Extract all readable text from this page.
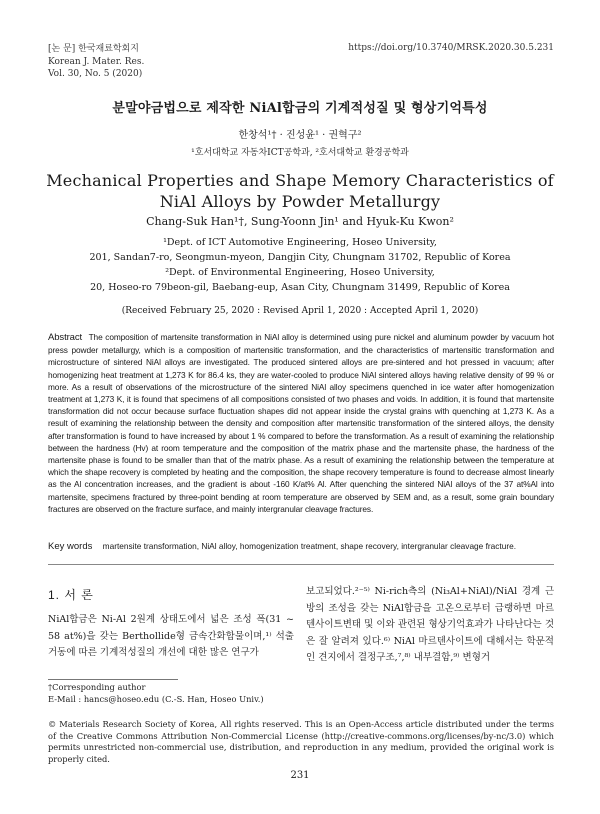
[논 문] 한국재료학회지
Korean J. Mater. Res.
Vol. 30, No. 5 (2020)
https://doi.org/10.3740/MRSK.2020.30.5.231
분말야금법으로 제작한 NiAl합금의 기계적성질 및 형상기억특성
한창석¹† · 진성윤¹ · 권혁구²
¹호서대학교 자동차ICT공학과, ²호서대학교 환경공학과
Mechanical Properties and Shape Memory Characteristics of
NiAl Alloys by Powder Metallurgy
Chang-Suk Han¹†, Sung-Yoonn Jin¹ and Hyuk-Ku Kwon²
¹Dept. of ICT Automotive Engineering, Hoseo University,
201, Sandan7-ro, Seongmun-myeon, Dangjin City, Chungnam 31702, Republic of Korea
²Dept. of Environmental Engineering, Hoseo University,
20, Hoseo-ro 79beon-gil, Baebang-eup, Asan City, Chungnam 31499, Republic of Korea
(Received February 25, 2020 : Revised April 1, 2020 : Accepted April 1, 2020)
Abstract The composition of martensite transformation in NiAl alloy is determined using pure nickel and aluminum powder by vacuum hot press powder metallurgy, which is a composition of martensitic transformation, and the characteristics of martensitic transformation and microstructure of sintered NiAl alloys are investigated. The produced sintered alloys are pre-sintered and hot pressed in vacuum; after homogenizing heat treatment at 1,273 K for 86.4 ks, they are water-cooled to produce NiAl sintered alloys having relative density of 99 % or more. As a result of observations of the microstructure of the sintered NiAl alloy specimens quenched in ice water after homogenization treatment at 1,273 K, it is found that specimens of all compositions consisted of two phases and voids. In addition, it is found that martensite transformation did not occur because surface fluctuation shapes did not appear inside the crystal grains with quenching at 1,273 K. As a result of examining the relationship between the density and composition after martensitic transformation of the sintered alloys, the density after transformation is found to have increased by about 1 % compared to before the transformation. As a result of examining the relationship between the hardness (Hv) at room temperature and the composition of the matrix phase and the martensite phase, the hardness of the martensite phase is found to be smaller than that of the matrix phase. As a result of examining the relationship between the temperature at which the shape recovery is completed by heating and the composition, the shape recovery temperature is found to decrease almost linearly as the Al concentration increases, and the gradient is about -160 K/at% Al. After quenching the sintered NiAl alloys of the 37 at%Al into martensite, specimens fractured by three-point bending at room temperature are observed by SEM and, as a result, some grain boundary fractures are observed on the fracture surface, and mainly intergranular cleavage fractures.
Key words martensite transformation, NiAl alloy, homogenization treatment, shape recovery, intergranular cleavage fracture.
1. 서 론
NiAl합금은 Ni-Al 2원계 상태도에서 넓은 조성 폭(31 ~ 58 at%)을 갖는 Berthollide형 금속간화합물이며,¹⁾ 석출거동에 따른 기계적성질의 개선에 대한 많은 연구가
보고되었다.²⁻⁵⁾ Ni-rich측의 (Ni₃Al+NiAl)/NiAl 경계 근방의 조성을 갖는 NiAl합금을 고온으로부터 급랭하면 마르텐사이트변태 및 이와 관련된 형상기억효과가 나타난다는 것은 잘 알려져 있다.⁶⁾ NiAl 마르텐사이트에 대해서는 학문적인 견지에서 결정구조,⁷,⁸⁾ 내부결함,⁹⁾ 변형거
†Corresponding author
E-Mail : hancs@hoseo.edu (C.-S. Han, Hoseo Univ.)
© Materials Research Society of Korea, All rights reserved. This is an Open-Access article distributed under the terms of the Creative Commons Attribution Non-Commercial License (http://creative-commons.org/licenses/by-nc/3.0) which permits unrestricted non-commercial use, distribution, and reproduction in any medium, provided the original work is properly cited.
231
